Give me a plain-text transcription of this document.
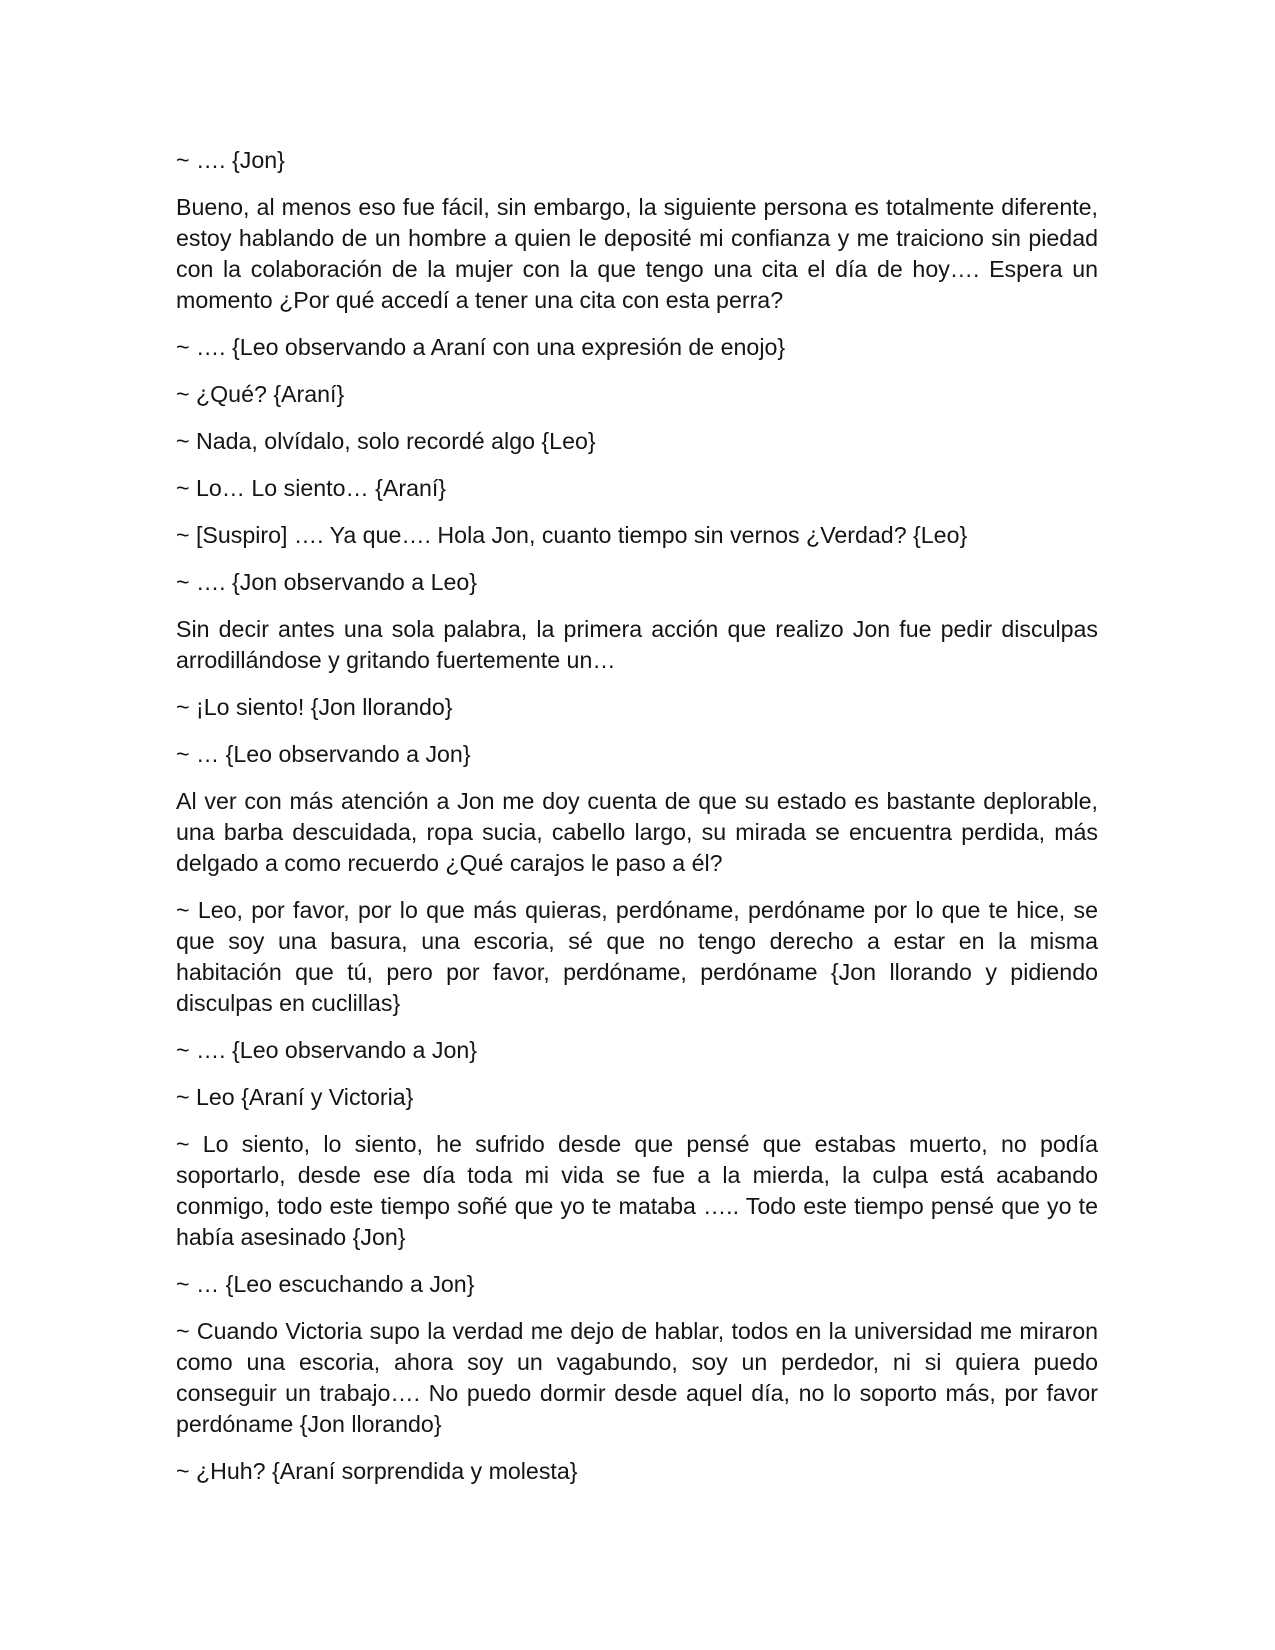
~ …. {Jon}

Bueno, al menos eso fue fácil, sin embargo, la siguiente persona es totalmente diferente, estoy hablando de un hombre a quien le deposité mi confianza y me traiciono sin piedad con la colaboración de la mujer con la que tengo una cita el día de hoy…. Espera un momento ¿Por qué accedí a tener una cita con esta perra?

~ …. {Leo observando a Araní con una expresión de enojo}

~ ¿Qué? {Araní}

~ Nada, olvídalo, solo recordé algo {Leo}

~ Lo… Lo siento… {Araní}

~ [Suspiro] …. Ya que…. Hola Jon, cuanto tiempo sin vernos ¿Verdad? {Leo}

~ …. {Jon observando a Leo}

Sin decir antes una sola palabra, la primera acción que realizo Jon fue pedir disculpas arrodillándose y gritando fuertemente un…

~ ¡Lo siento! {Jon llorando}

~ … {Leo observando a Jon}

Al ver con más atención a Jon me doy cuenta de que su estado es bastante deplorable, una barba descuidada, ropa sucia, cabello largo, su mirada se encuentra perdida, más delgado a como recuerdo ¿Qué carajos le paso a él?

~ Leo, por favor, por lo que más quieras, perdóname, perdóname por lo que te hice, se que soy una basura, una escoria, sé que no tengo derecho a estar en la misma habitación que tú, pero por favor, perdóname, perdóname {Jon llorando y pidiendo disculpas en cuclillas}

~ …. {Leo observando a Jon}

~ Leo {Araní y Victoria}

~ Lo siento, lo siento, he sufrido desde que pensé que estabas muerto, no podía soportarlo, desde ese día toda mi vida se fue a la mierda, la culpa está acabando conmigo, todo este tiempo soñé que yo te mataba ….. Todo este tiempo pensé que yo te había asesinado {Jon}

~ … {Leo escuchando a Jon}

~ Cuando Victoria supo la verdad me dejo de hablar, todos en la universidad me miraron como una escoria, ahora soy un vagabundo, soy un perdedor, ni si quiera puedo conseguir un trabajo…. No puedo dormir desde aquel día, no lo soporto más, por favor perdóname {Jon llorando}

~ ¿Huh? {Araní sorprendida y molesta}
